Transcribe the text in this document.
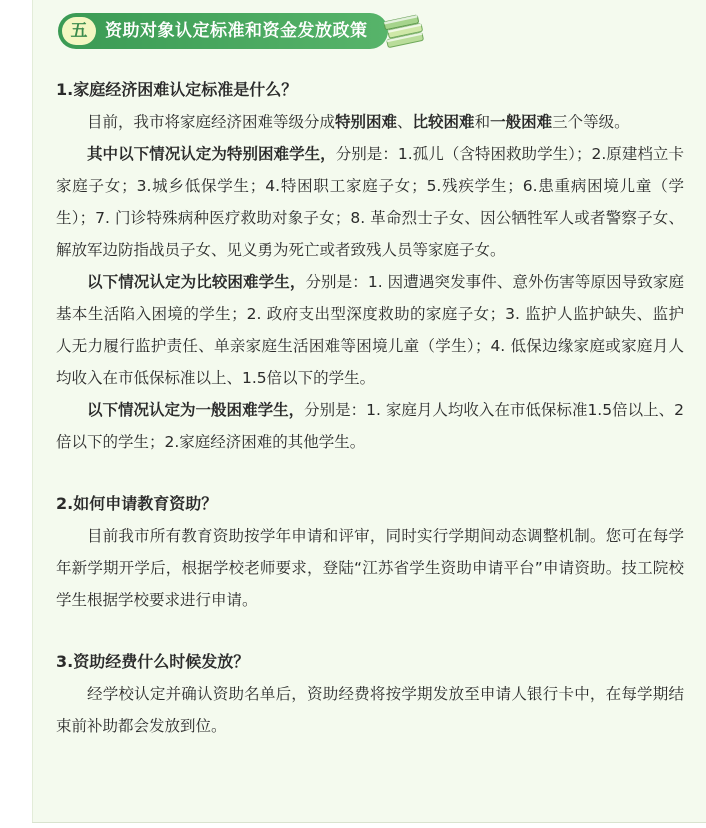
五	资助对象认定标准和资金发放政策
1.家庭经济困难认定标准是什么？

目前，我市将家庭经济困难等级分成特别困难、比较困难和一般困难三个等级。

其中以下情况认定为特别困难学生，分别是：1.孤儿（含特困救助学生）；2.原建档立卡家庭子女；3.城乡低保学生；4.特困职工家庭子女；5.残疾学生；6.患重病困境儿童（学生）；7. 门诊特殊病种医疗救助对象子女；8. 革命烈士子女、因公牺牲军人或者警察子女、解放军边防指战员子女、见义勇为死亡或者致残人员等家庭子女。

以下情况认定为比较困难学生，分别是：1. 因遭遇突发事件、意外伤害等原因导致家庭基本生活陷入困境的学生；2. 政府支出型深度救助的家庭子女；3. 监护人监护缺失、监护人无力履行监护责任、单亲家庭生活困难等困境儿童（学生）；4. 低保边缘家庭或家庭月人均收入在市低保标准以上、1.5倍以下的学生。

以下情况认定为一般困难学生，分别是：1. 家庭月人均收入在市低保标准1.5倍以上、2倍以下的学生；2.家庭经济困难的其他学生。

2.如何申请教育资助？

目前我市所有教育资助按学年申请和评审，同时实行学期间动态调整机制。您可在每学年新学期开学后，根据学校老师要求，登陆“江苏省学生资助申请平台”申请资助。技工院校学生根据学校要求进行申请。

3.资助经费什么时候发放？

经学校认定并确认资助名单后，资助经费将按学期发放至申请人银行卡中，在每学期结束前补助都会发放到位。
